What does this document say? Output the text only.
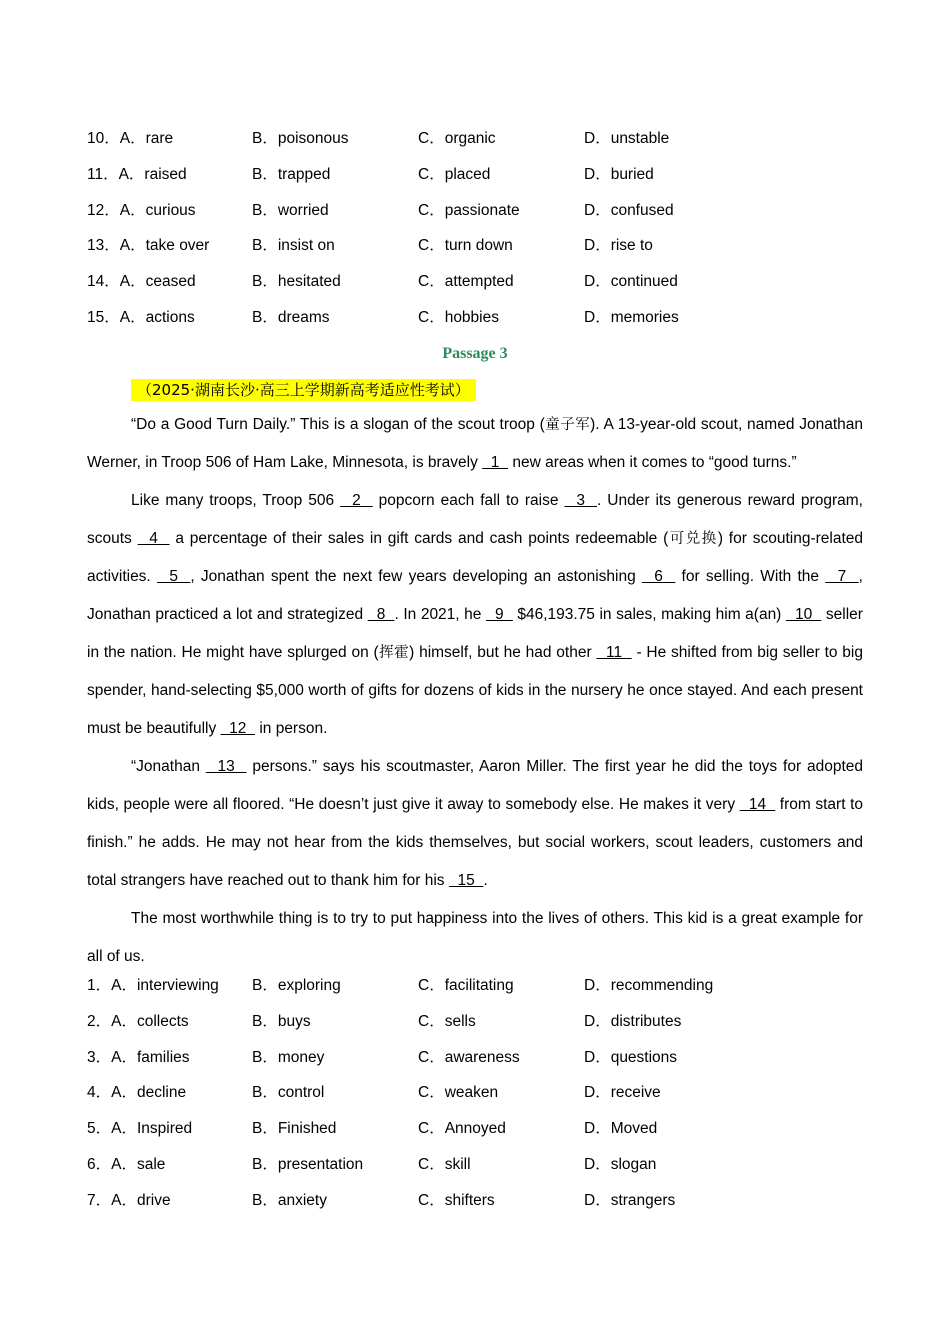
10．A．rare	B．poisonous	C．organic	D．unstable
11．A．raised	B．trapped	C．placed	D．buried
12．A．curious	B．worried	C．passionate	D．confused
13．A．take over	B．insist on	C．turn down	D．rise to
14．A．ceased	B．hesitated	C．attempted	D．continued
15．A．actions	B．dreams	C．hobbies	D．memories
Passage 3
（2025·湖南长沙·高三上学期新高考适应性考试）

“Do a Good Turn Daily.” This is a slogan of the scout troop (童子军). A 13-year-old scout, named Jonathan Werner, in Troop 506 of Ham Lake, Minnesota, is bravely   1   new areas when it comes to “good turns.”

Like many troops, Troop 506   2   popcorn each fall to raise   3  . Under its generous reward program, scouts   4   a percentage of their sales in gift cards and cash points redeemable (可兑换) for scouting-related activities.   5  , Jonathan spent the next few years developing an astonishing   6   for selling. With the   7  , Jonathan practiced a lot and strategized   8  . In 2021, he   9   $46,193.75 in sales, making him a(an)   10   seller in the nation. He might have splurged on (挥霍) himself, but he had other   11   - He shifted from big seller to big spender, hand-selecting $5,000 worth of gifts for dozens of kids in the nursery he once stayed. And each present must be beautifully   12   in person.

“Jonathan   13   persons.” says his scoutmaster, Aaron Miller. The first year he did the toys for adopted kids, people were all floored. “He doesn’t just give it away to somebody else. He makes it very   14   from start to finish.” he adds. He may not hear from the kids themselves, but social workers, scout leaders, customers and total strangers have reached out to thank him for his   15  .

The most worthwhile thing is to try to put happiness into the lives of others. This kid is a great example for all of us.

1．A．interviewing B．exploring	C．facilitating	D．recommending
2．A．collects	B．buys	C．sells	D．distributes
3．A．families	B．money	C．awareness	D．questions
4．A．decline	B．control	C．weaken	D．receive
5．A．Inspired	B．Finished	C．Annoyed	D．Moved
6．A．sale	B．presentation	C．skill	D．slogan
7．A．drive	B．anxiety	C．shifters	D．strangers
